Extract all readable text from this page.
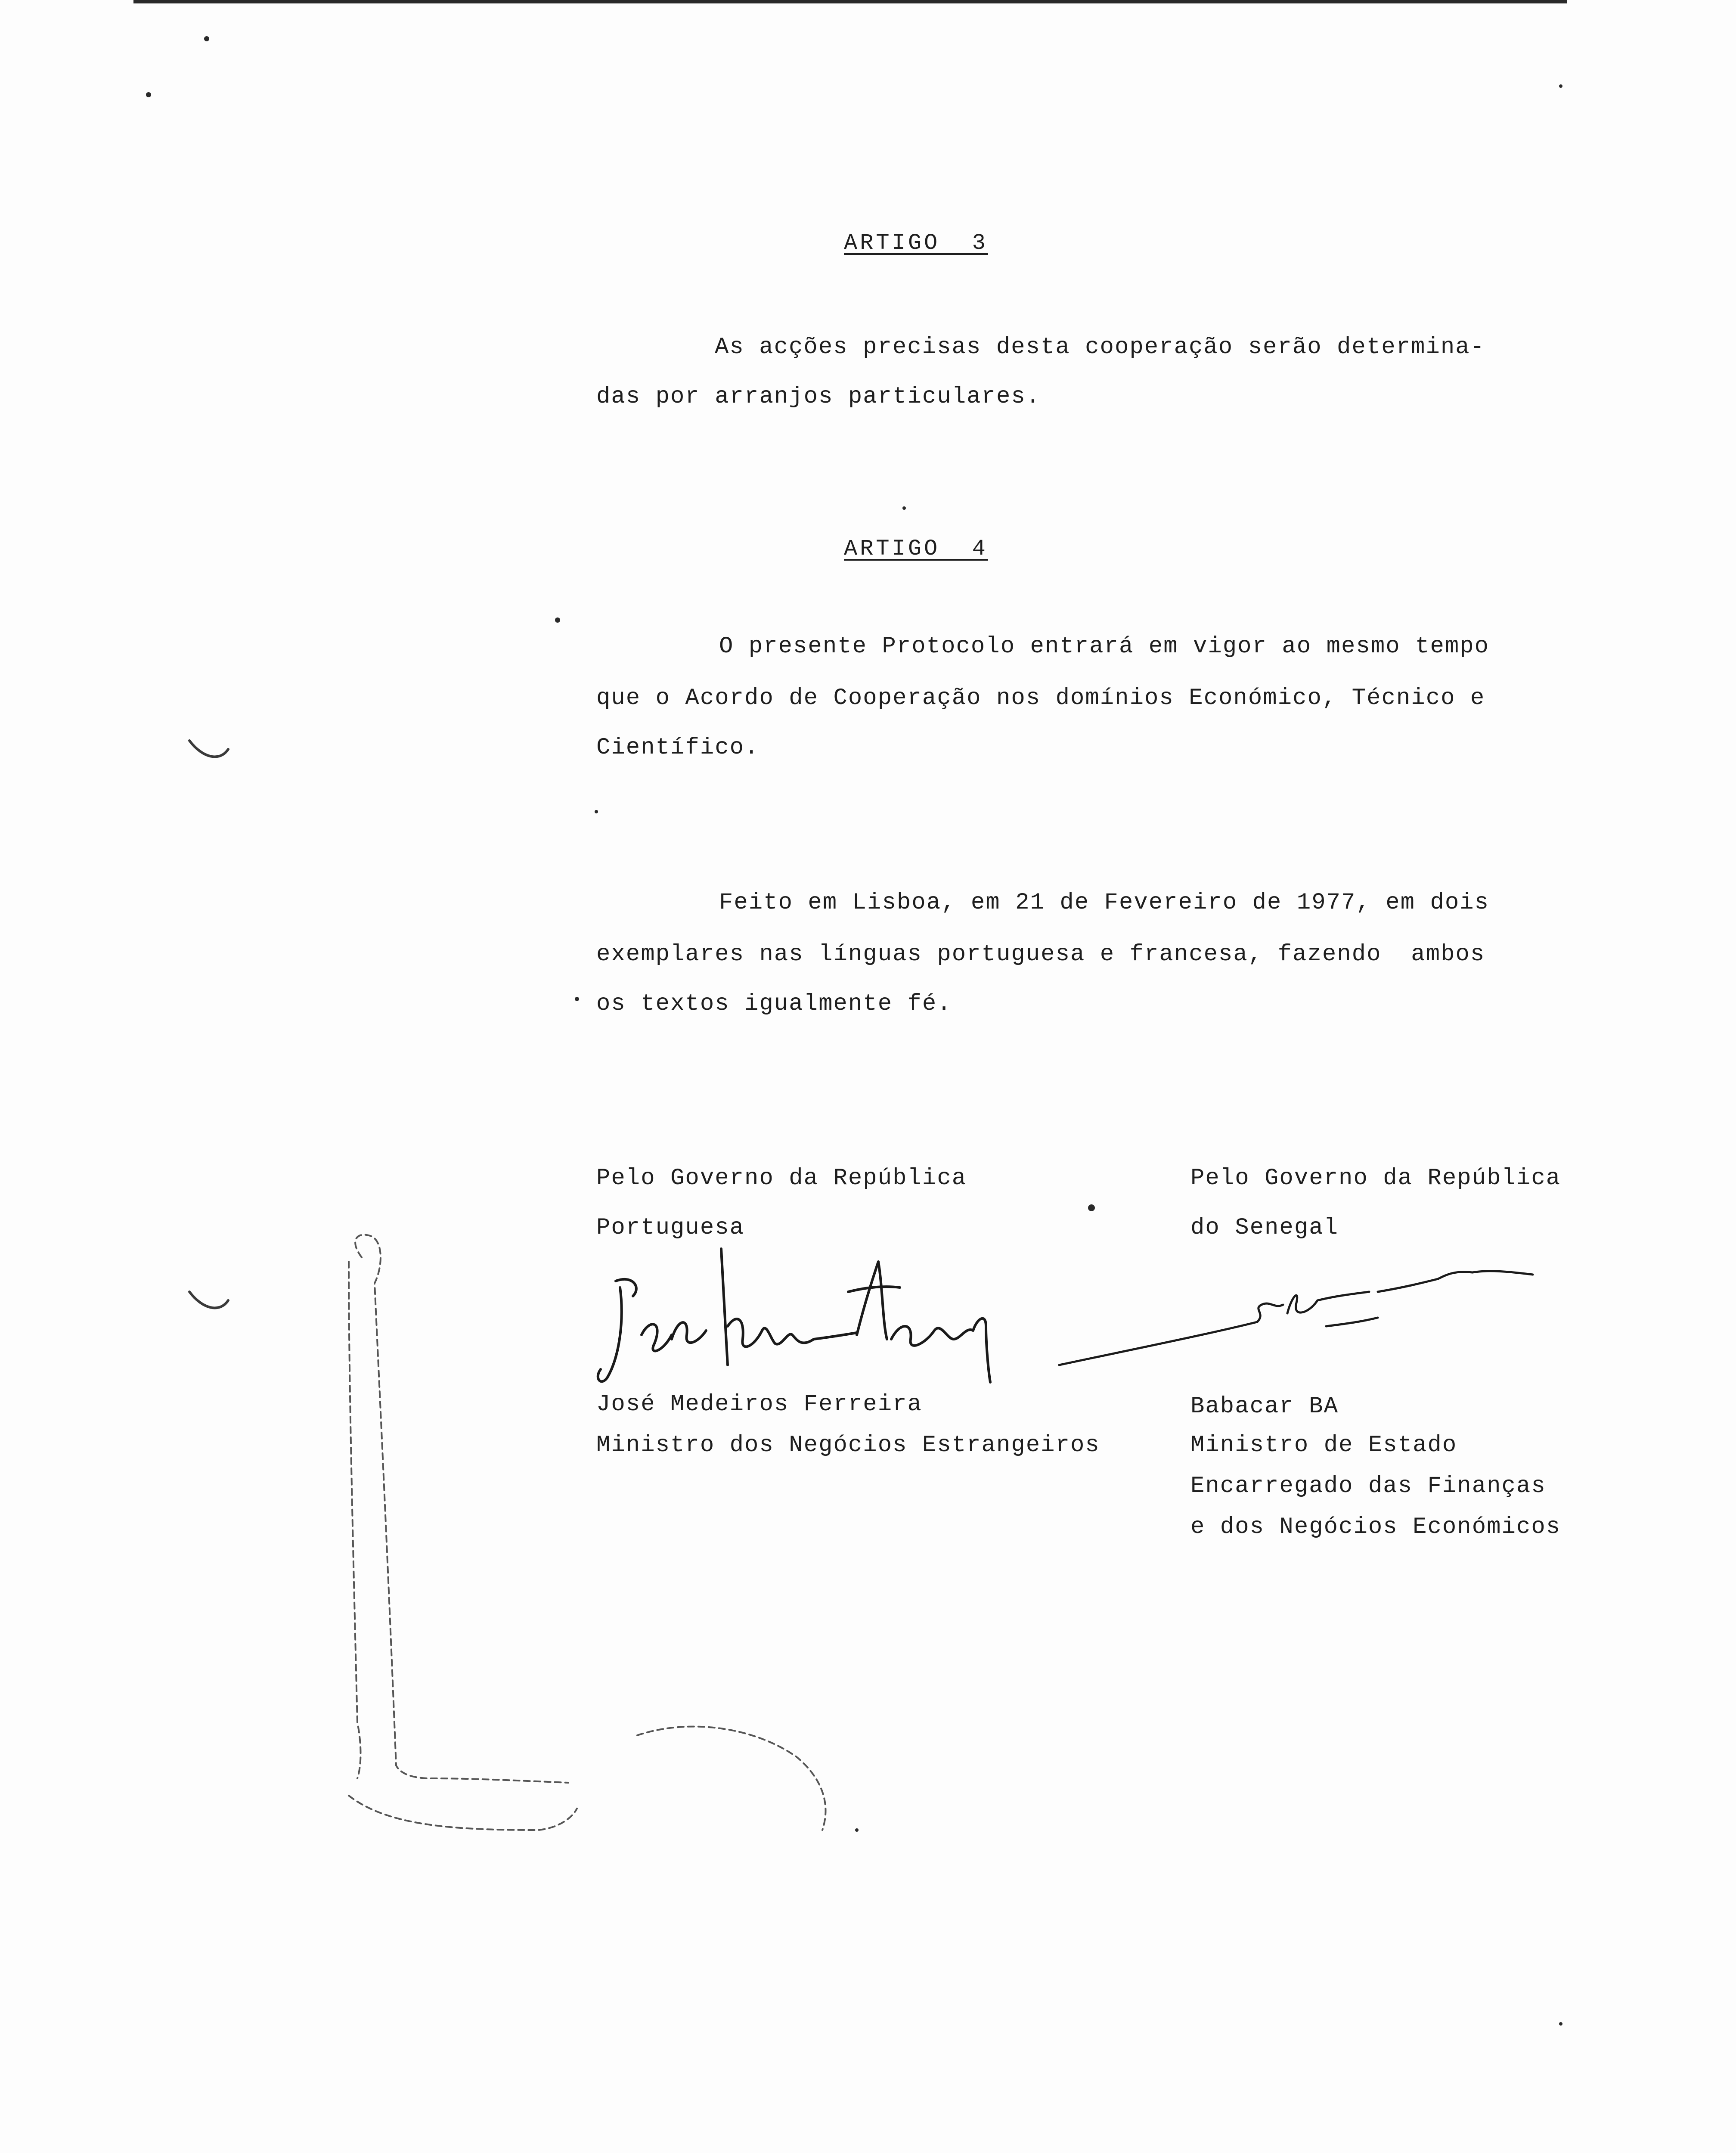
ARTIGO  3
As acções precisas desta cooperação serão determina-
das por arranjos particulares.
ARTIGO  4
O presente Protocolo entrará em vigor ao mesmo tempo
que o Acordo de Cooperação nos domínios Económico, Técnico e
Científico.
Feito em Lisboa, em 21 de Fevereiro de 1977, em dois
exemplares nas línguas portuguesa e francesa, fazendo  ambos
os textos igualmente fé.
Pelo Governo da República
Portuguesa
José Medeiros Ferreira
Ministro dos Negócios Estrangeiros
Pelo Governo da República
do Senegal
Babacar BA
Ministro de Estado
Encarregado das Finanças
e dos Negócios Económicos
